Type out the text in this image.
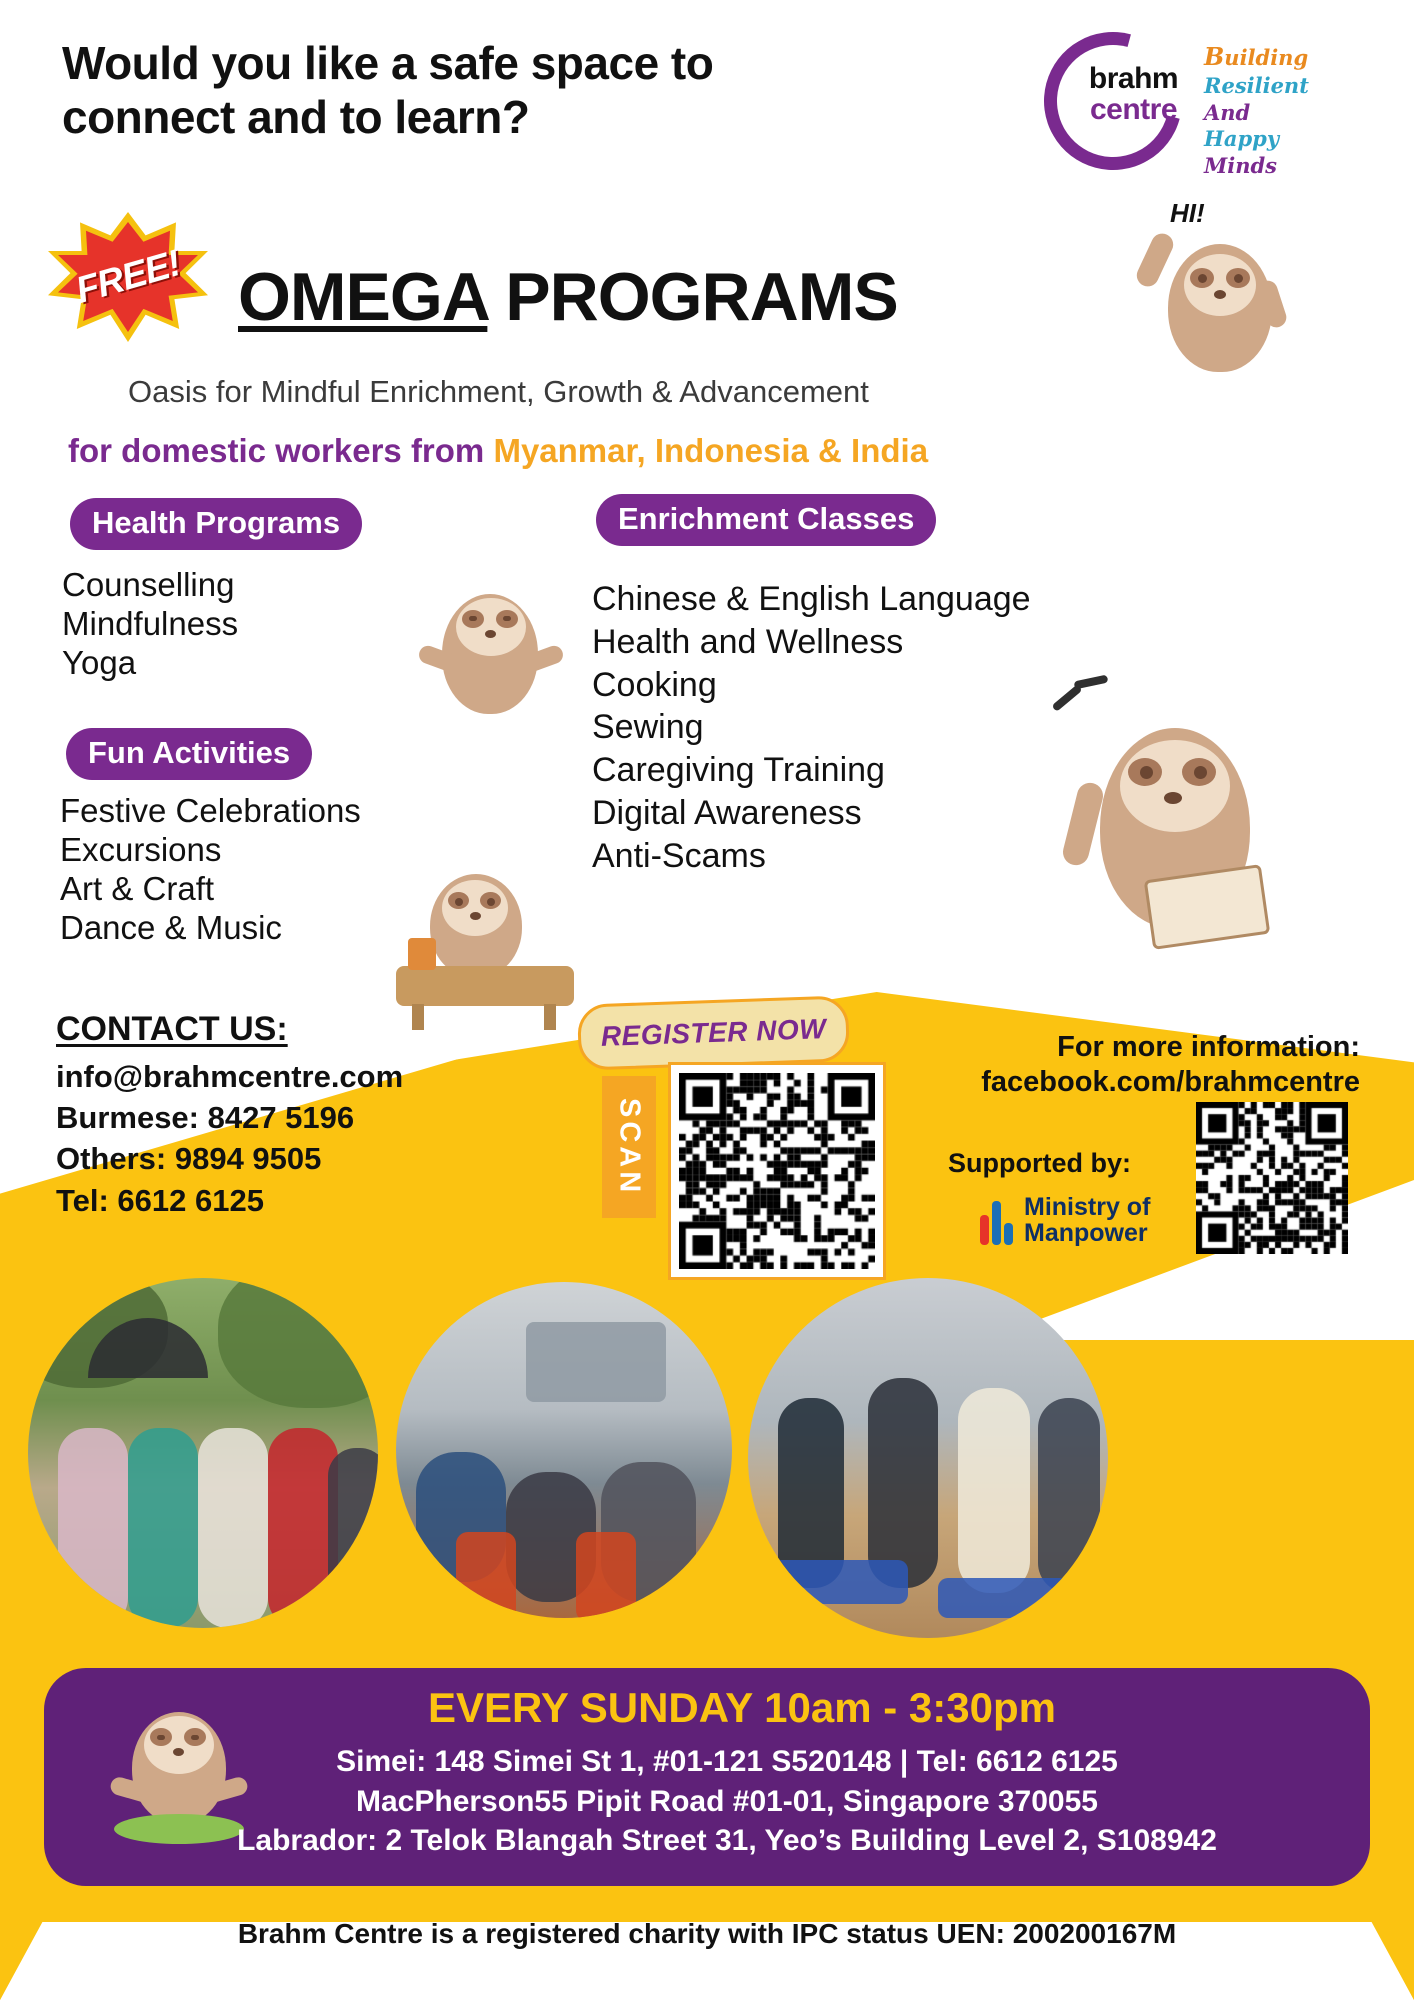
Would you like a safe space to connect and to learn?
brahm
centre
Building
Resilient
And
Happy
Minds
FREE!
HI!
OMEGA PROGRAMS
Oasis for Mindful Enrichment, Growth & Advancement
for domestic workers from Myanmar, Indonesia & India
Health Programs
Counselling
Mindfulness
Yoga
Fun Activities
Festive Celebrations
Excursions
Art & Craft
Dance & Music
Enrichment Classes
Chinese & English Language
Health and Wellness
Cooking
Sewing
Caregiving Training
Digital Awareness
Anti-Scams
CONTACT US:
info@brahmcentre.com
Burmese: 8427 5196
Others: 9894 9505
Tel: 6612 6125
REGISTER NOW
SCAN
For more information:
facebook.com/brahmcentre
Supported by:
Ministry of
Manpower
EVERY SUNDAY 10am - 3:30pm
Simei: 148 Simei St 1, #01-121 S520148 | Tel: 6612 6125
MacPherson55 Pipit Road #01-01, Singapore 370055
Labrador: 2 Telok Blangah Street 31, Yeo’s Building Level 2, S108942
Brahm Centre is a registered charity with IPC status UEN: 200200167M
